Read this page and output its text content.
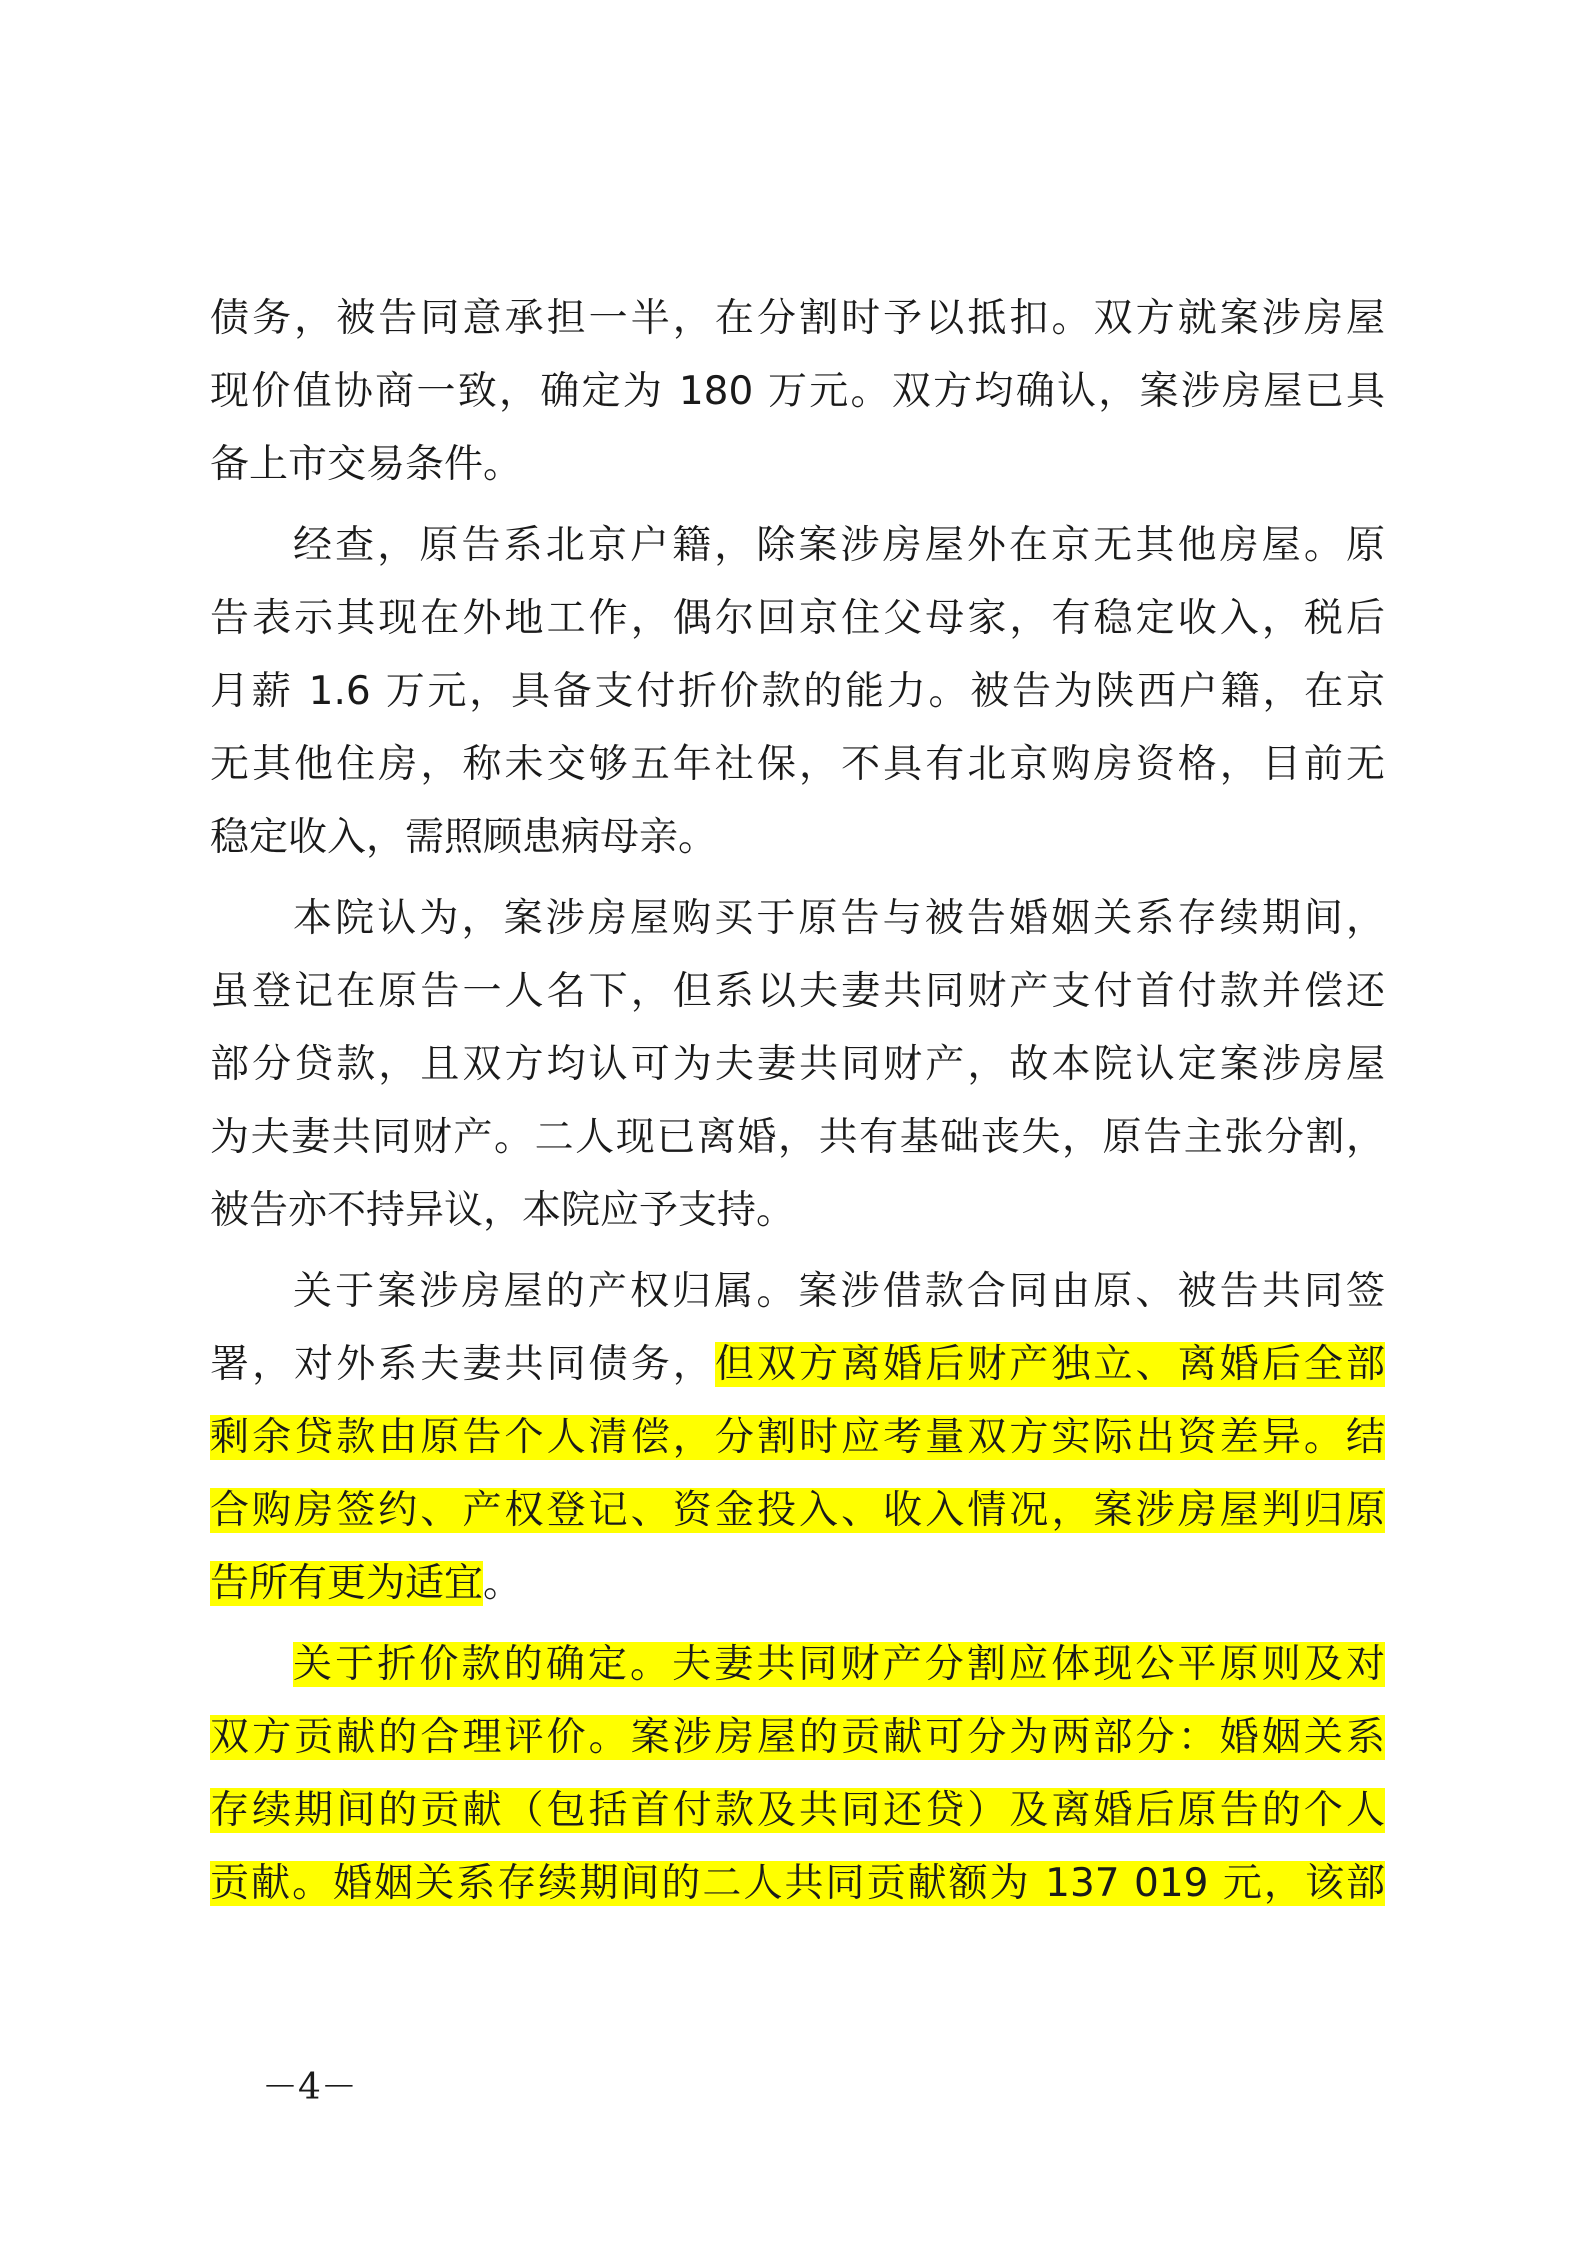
债务，被告同意承担一半，在分割时予以抵扣。双方就案涉房屋
现价值协商一致，确定为 180 万元。双方均确认，案涉房屋已具
备上市交易条件。
经查，原告系北京户籍，除案涉房屋外在京无其他房屋。原
告表示其现在外地工作，偶尔回京住父母家，有稳定收入，税后
月薪 1.6 万元，具备支付折价款的能力。被告为陕西户籍，在京
无其他住房，称未交够五年社保，不具有北京购房资格，目前无
稳定收入，需照顾患病母亲。
本院认为，案涉房屋购买于原告与被告婚姻关系存续期间，
虽登记在原告一人名下，但系以夫妻共同财产支付首付款并偿还
部分贷款，且双方均认可为夫妻共同财产，故本院认定案涉房屋
为夫妻共同财产。二人现已离婚，共有基础丧失，原告主张分割，
被告亦不持异议，本院应予支持。
关于案涉房屋的产权归属。案涉借款合同由原、被告共同签
署，对外系夫妻共同债务，但双方离婚后财产独立、离婚后全部
剩余贷款由原告个人清偿，分割时应考量双方实际出资差异。结
合购房签约、产权登记、资金投入、收入情况，案涉房屋判归原
告所有更为适宜。
关于折价款的确定。夫妻共同财产分割应体现公平原则及对
双方贡献的合理评价。案涉房屋的贡献可分为两部分：婚姻关系
存续期间的贡献（包括首付款及共同还贷）及离婚后原告的个人
贡献。婚姻关系存续期间的二人共同贡献额为 137 019 元，该部
－4－
